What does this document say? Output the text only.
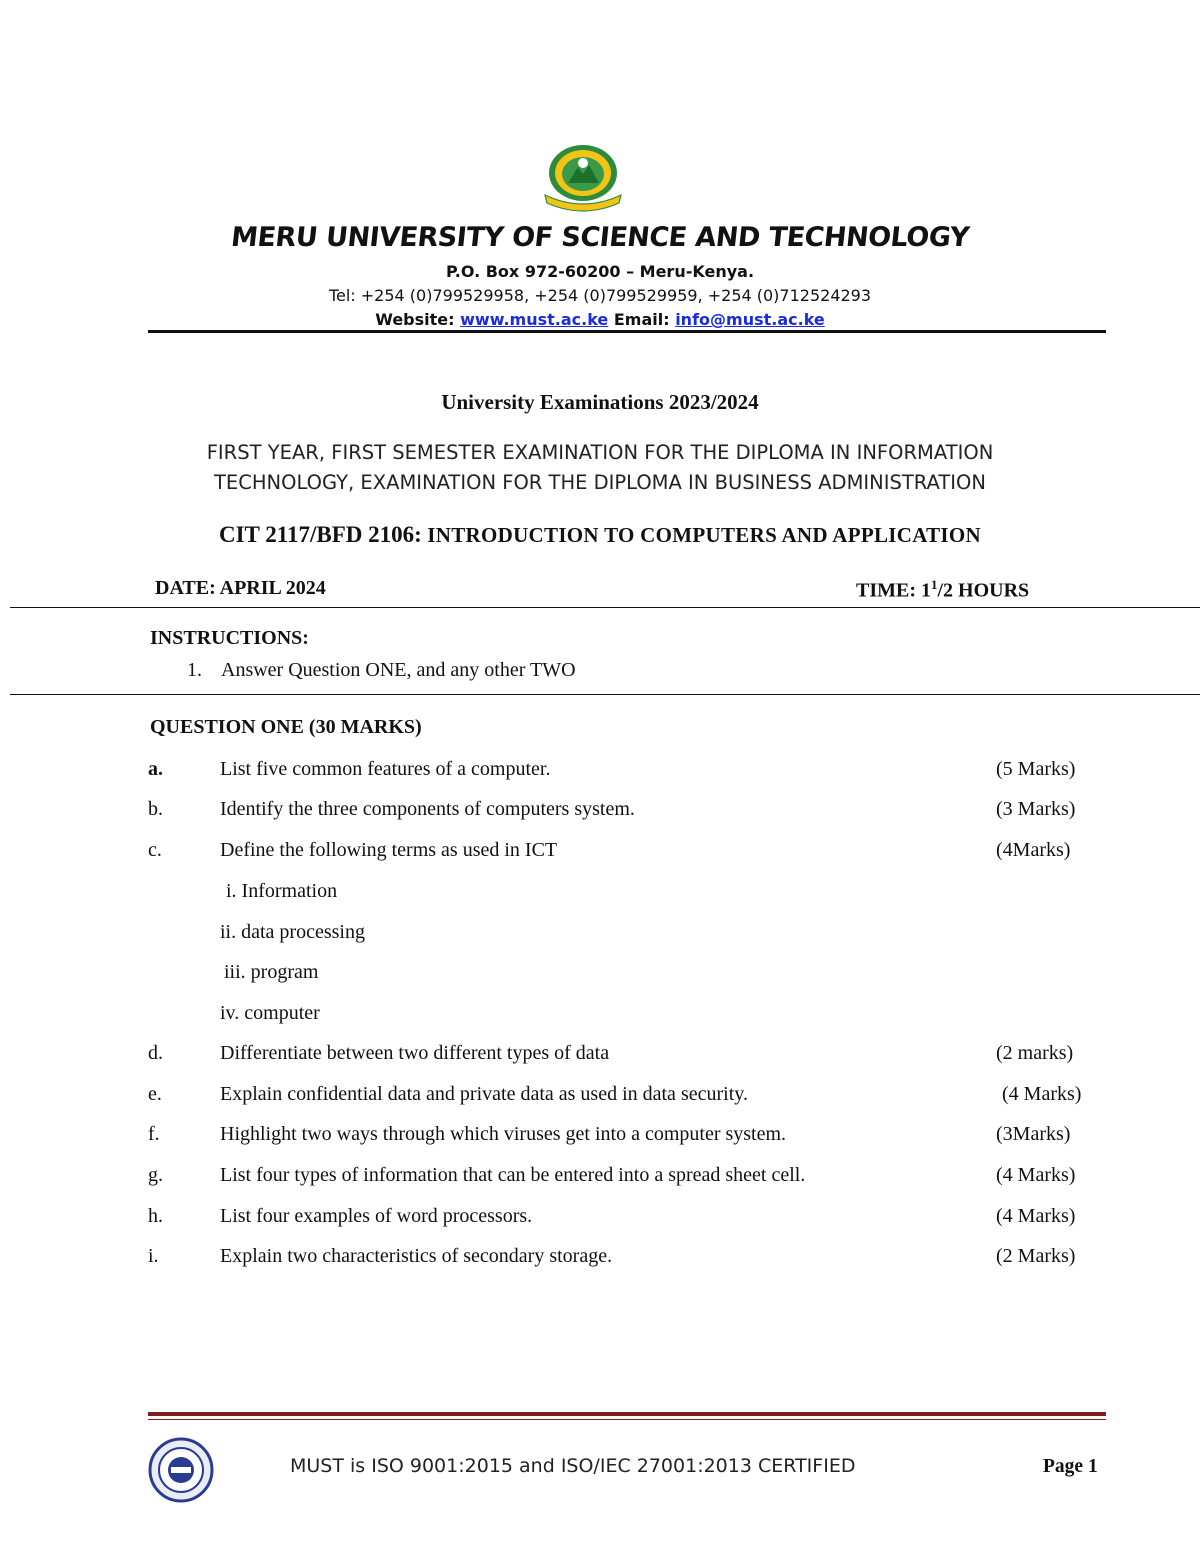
MERU UNIVERSITY OF SCIENCE AND TECHNOLOGY
P.O. Box 972-60200 – Meru-Kenya.
Tel: +254 (0)799529958, +254 (0)799529959, +254 (0)712524293
Website: www.must.ac.ke Email: info@must.ac.ke
University Examinations 2023/2024
FIRST YEAR, FIRST SEMESTER EXAMINATION FOR THE DIPLOMA IN INFORMATION
TECHNOLOGY, EXAMINATION FOR THE DIPLOMA IN BUSINESS ADMINISTRATION
CIT 2117/BFD 2106: INTRODUCTION TO COMPUTERS AND APPLICATION
DATE: APRIL 2024	TIME: $1^1/2$ HOURS
INSTRUCTIONS:
1. Answer Question ONE, and any other TWO
QUESTION ONE (30 MARKS)
a.	List five common features of a computer.	(5 Marks)
b.	Identify the three components of computers system.	(3 Marks)
c.	Define the following terms as used in ICT	(4Marks)
i. Information
ii. data processing
iii. program
iv. computer
d.	Differentiate between two different types of data	(2 marks)
e.	Explain confidential data and private data as used in data security.	(4 Marks)
f.	Highlight two ways through which viruses get into a computer system.	(3Marks)
g.	List four types of information that can be entered into a spread sheet cell.	(4 Marks)
h.	List four examples of word processors.	(4 Marks)
i.	Explain two characteristics of secondary storage.	(2 Marks)
MUST is ISO 9001:2015 and ISO/IEC 27001:2013 CERTIFIED	Page 1
